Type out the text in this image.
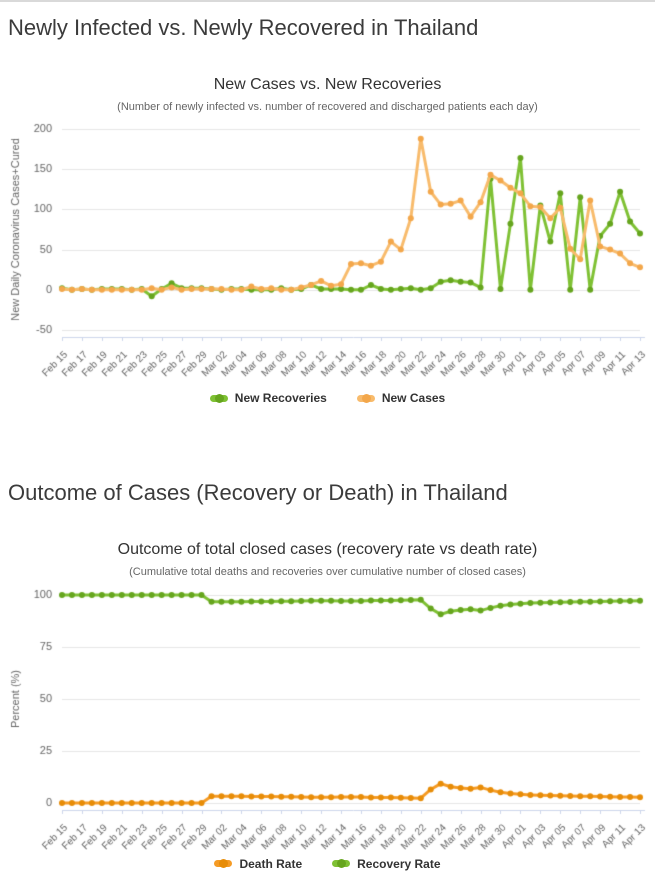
Newly Infected vs. Newly Recovered in Thailand
New Cases vs. New Recoveries
(Number of newly infected vs. number of recovered and discharged patients each day)
New Recoveries	New Cases
Outcome of Cases (Recovery or Death) in Thailand
Outcome of total closed cases (recovery rate vs death rate)
(Cumulative total deaths and recoveries over cumulative number of closed cases)
Death Rate	Recovery Rate
